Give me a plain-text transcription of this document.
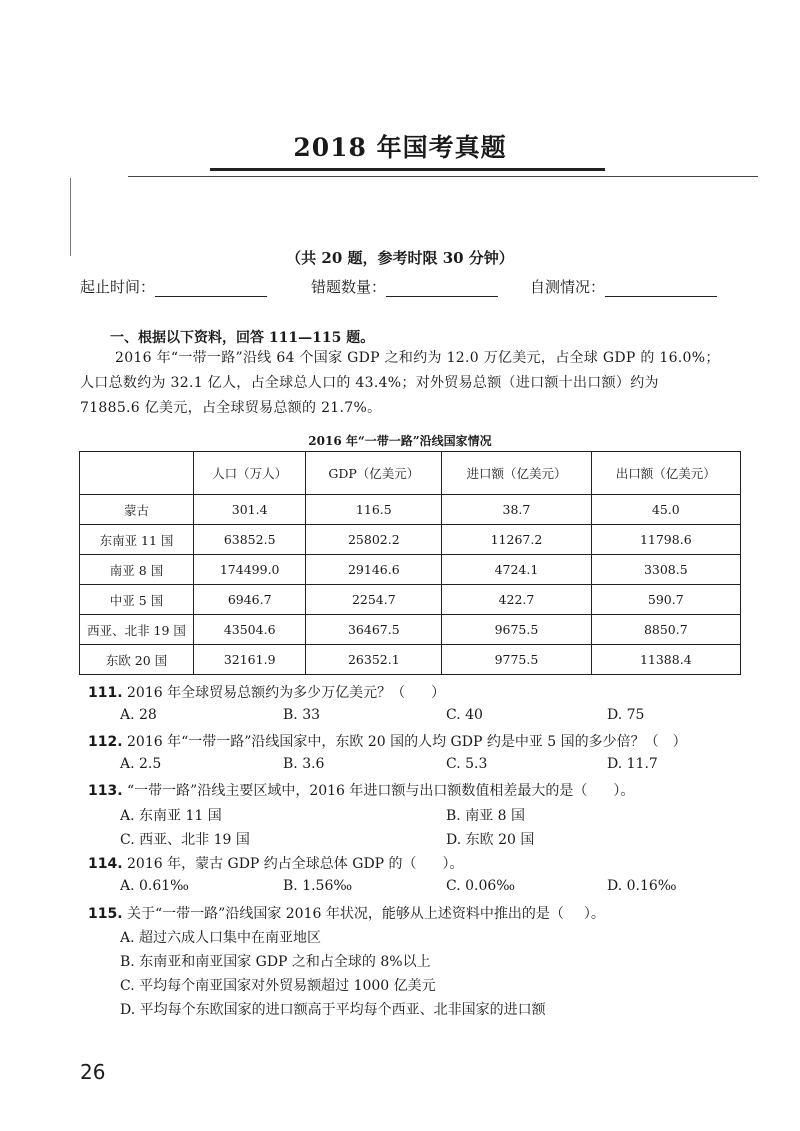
2018 年国考真题
（共 20 题，参考时限 30 分钟）
起止时间：	错题数量：	自测情况：
一、根据以下资料，回答 111—115 题。

2016 年“一带一路”沿线 64 个国家 GDP 之和约为 12.0 万亿美元，占全球 GDP 的 16.0%；

人口总数约为 32.1 亿人，占全球总人口的 43.4%；对外贸易总额（进口额十出口额）约为

71885.6 亿美元，占全球贸易总额的 21.7%。

2016 年“一带一路”沿线国家情况
	人口（万人）	GDP（亿美元）	进口额（亿美元）	出口额（亿美元）
蒙古	301.4	116.5	38.7	45.0
东南亚 11 国	63852.5	25802.2	11267.2	11798.6
南亚 8 国	174499.0	29146.6	4724.1	3308.5
中亚 5 国	6946.7	2254.7	422.7	590.7
西亚、北非 19 国	43504.6	36467.5	9675.5	8850.7
东欧 20 国	32161.9	26352.1	9775.5	11388.4
111. 2016 年全球贸易总额约为多少万亿美元？（ ）
A. 28	B. 33	C. 40	D. 75
112. 2016 年“一带一路”沿线国家中，东欧 20 国的人均 GDP 约是中亚 5 国的多少倍？（ ）
A. 2.5	B. 3.6	C. 5.3	D. 11.7
113. “一带一路”沿线主要区域中，2016 年进口额与出口额数值相差最大的是（ ）。
A. 东南亚 11 国	B. 南亚 8 国
C. 西亚、北非 19 国	D. 东欧 20 国
114. 2016 年，蒙古 GDP 约占全球总体 GDP 的（ ）。
A. 0.61‰	B. 1.56‰	C. 0.06‰	D. 0.16‰
115. 关于“一带一路”沿线国家 2016 年状况，能够从上述资料中推出的是（ ）。
A. 超过六成人口集中在南亚地区
B. 东南亚和南亚国家 GDP 之和占全球的 8%以上
C. 平均每个南亚国家对外贸易额超过 1000 亿美元
D. 平均每个东欧国家的进口额高于平均每个西亚、北非国家的进口额
26
